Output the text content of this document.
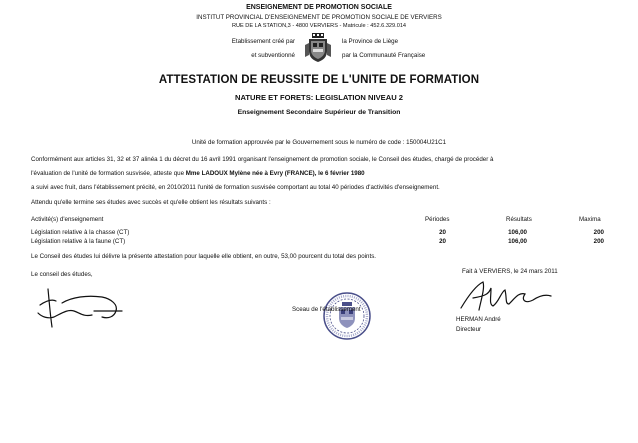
ENSEIGNEMENT DE PROMOTION SOCIALE
INSTITUT PROVINCIAL D'ENSEIGNEMENT DE PROMOTION SOCIALE DE VERVIERS
RUE DE LA STATION,3 - 4800 VERVIERS - Matricule : 452.6.329.014
Etablissement créé par	la Province de Liège
et subventionné	par la Communauté Française
ATTESTATION DE REUSSITE DE L'UNITE DE FORMATION
NATURE ET FORETS: LEGISLATION NIVEAU 2
Enseignement Secondaire Supérieur de Transition
Unité de formation approuvée par le Gouvernement sous le numéro de code : 150004U21C1
Conformément aux articles 31, 32 et 37 alinéa 1 du décret du 16 avril 1991 organisant l'enseignement de promotion sociale, le Conseil des études, chargé de procéder à
l'évaluation de l'unité de formation susvisée, atteste que Mme LADOUX Mylène née à Evry (FRANCE), le 6 février 1980
a suivi avec fruit, dans l'établissement précité, en 2010/2011 l'unité de formation susvisée comportant au total 40 périodes d'activités d'enseignement.
Attendu qu'elle termine ses études avec succès et qu'elle obtient les résultats suivants :
Activité(s) d'enseignement	Périodes	Résultats	Maxima
Législation relative à la chasse (CT)	20	106,00	200
Législation relative à la faune (CT)	20	106,00	200
Le Conseil des études lui délivre la présente attestation pour laquelle elle obtient, en outre, 53,00 pourcent du total des points.
Fait à VERVIERS, le 24 mars 2011
Le conseil des études,
Sceau de l'établissement
HERMAN André
Directeur
